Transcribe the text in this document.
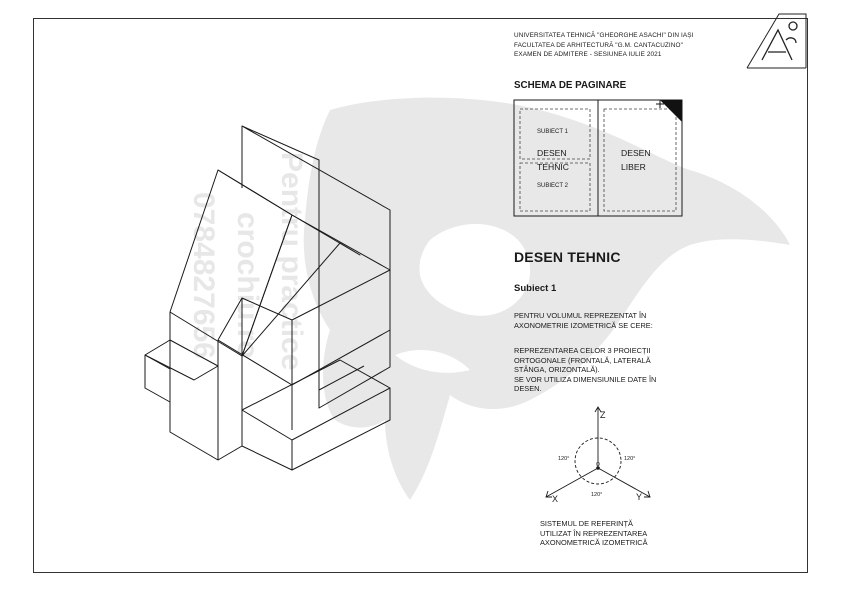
Pentru practice
crochiu.ro
0784827656
UNIVERSITATEA TEHNICĂ "GHEORGHE ASACHI" DIN IAȘI
FACULTATEA DE ARHITECTURĂ "G.M. CANTACUZINO"
EXAMEN DE ADMITERE - SESIUNEA IULIE 2021
SCHEMA DE PAGINARE
SUBIECT 1
DESEN
TEHNIC
SUBIECT 2
DESEN
LIBER
DESEN TEHNIC
Subiect 1
PENTRU VOLUMUL REPREZENTAT ÎN
AXONOMETRIE IZOMETRICĂ SE CERE:
REPREZENTAREA CELOR 3 PROIECȚII
ORTOGONALE (FRONTALĂ, LATERALĂ
STÂNGA, ORIZONTALĂ).
SE VOR UTILIZA DIMENSIUNILE DATE ÎN
DESEN.
Z
X	Y
O
120°	120°
120°
SISTEMUL DE REFERINȚĂ
UTILIZAT ÎN REPREZENTAREA
AXONOMETRICĂ IZOMETRICĂ
